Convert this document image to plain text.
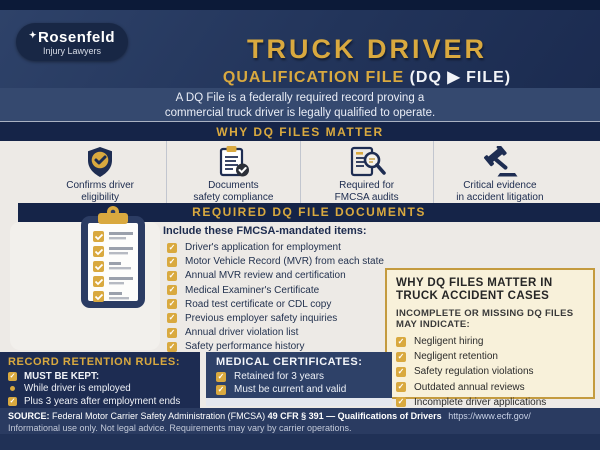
✦Rosenfeld
Injury Lawyers	TRUCK DRIVER
QUALIFICATION FILE (DQ ▶ FILE)
A DQ File is a federally required record proving a
commercial truck driver is legally qualified to operate.
WHY DQ FILES MATTER
Confirms driver
eligibility
Documents
safety compliance
Required for
FMCSA audits
Critical evidence
in accident litigation
REQUIRED DQ FILE DOCUMENTS
Include these FMCSA-mandated items:
✓ Driver's application for employment
✓ Motor Vehicle Record (MVR) from each state
✓ Annual MVR review and certification
✓ Medical Examiner's Certificate
✓ Road test certificate or CDL copy
✓ Previous employer safety inquiries
✓ Annual driver violation list
✓ Safety performance history
WHY DQ FILES MATTER IN
TRUCK ACCIDENT CASES
INCOMPLETE OR MISSING DQ FILES
MAY INDICATE:
✓ Negligent hiring
✓ Negligent retention
✓ Safety regulation violations
✓ Outdated annual reviews
✓ Incomplete driver applications
RECORD RETENTION RULES:
✓ MUST BE KEPT:
While driver is employed
✓ Plus 3 years after employment ends
MEDICAL CERTIFICATES:
✓ Retained for 3 years
✓ Must be current and valid
SOURCE: Federal Motor Carrier Safety Administration (FMCSA) 49 CFR § 391 — Qualifications of Drivers https://www.ecfr.gov/
Informational use only. Not legal advice. Requirements may vary by carrier operations.
